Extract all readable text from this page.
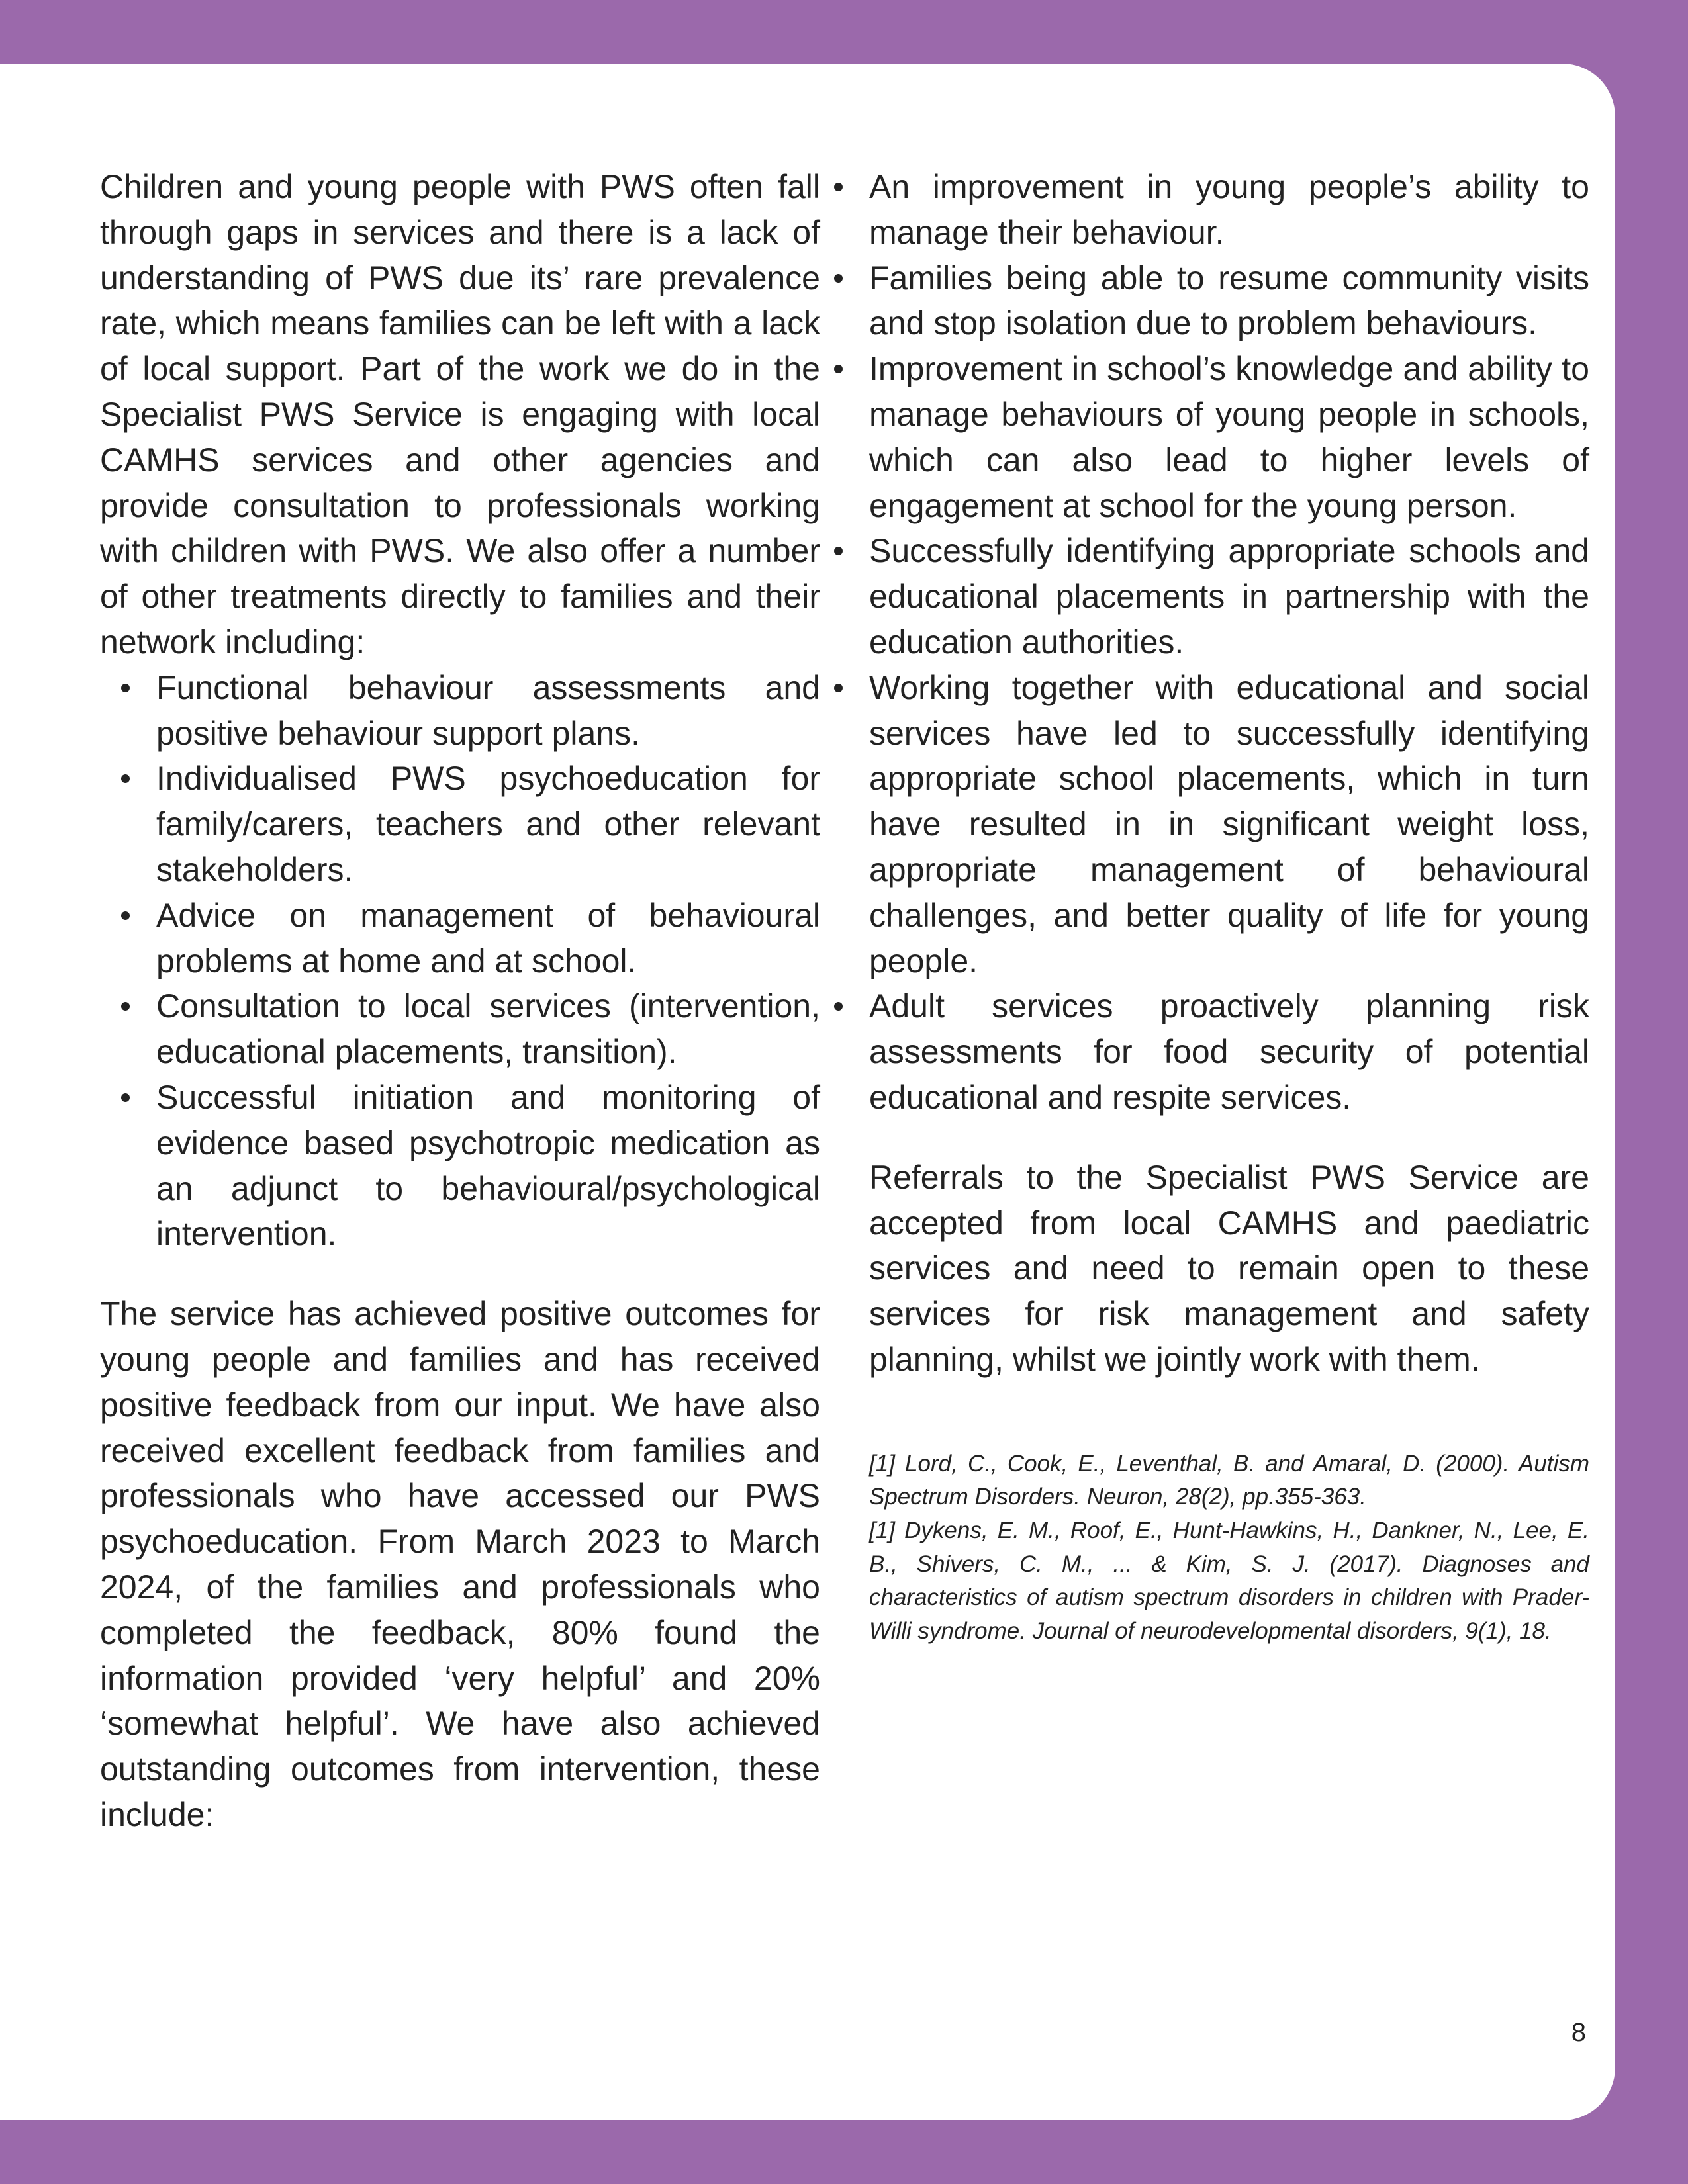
Children and young people with PWS often fall through gaps in services and there is a lack of understanding of PWS due its’ rare prevalence rate, which means families can be left with a lack of local support. Part of the work we do in the Specialist PWS Service is engaging with local CAMHS services and other agencies and provide consultation to professionals working with children with PWS. We also offer a number of other treatments directly to families and their network including:

Functional behaviour assessments and positive behaviour support plans.
Individualised PWS psychoeducation for family/carers, teachers and other relevant stakeholders.
Advice on management of behavioural problems at home and at school.
Consultation to local services (intervention, educational placements, transition).
Successful initiation and monitoring of evidence based psychotropic medication as an adjunct to behavioural/psychological intervention.

The service has achieved positive outcomes for young people and families and has received positive feedback from our input. We have also received excellent feedback from families and professionals who have accessed our PWS psychoeducation. From March 2023 to March 2024, of the families and professionals who completed the feedback, 80% found the information provided ‘very helpful’ and 20% ‘somewhat helpful’. We have also achieved outstanding outcomes from intervention, these include:

An improvement in young people’s ability to manage their behaviour.
Families being able to resume community visits and stop isolation due to problem behaviours.
Improvement in school’s knowledge and ability to manage behaviours of young people in schools, which can also lead to higher levels of engagement at school for the young person.
Successfully identifying appropriate schools and educational placements in partnership with the education authorities.
Working together with educational and social services have led to successfully identifying appropriate school placements, which in turn have resulted in in significant weight loss, appropriate management of behavioural challenges, and better quality of life for young people.
Adult services proactively planning risk assessments for food security of potential educational and respite services.

Referrals to the Specialist PWS Service are accepted from local CAMHS and paediatric services and need to remain open to these services for risk management and safety planning, whilst we jointly work with them.

[1] Lord, C., Cook, E., Leventhal, B. and Amaral, D. (2000). Autism Spectrum Disorders. Neuron, 28(2), pp.355-363.

[1] Dykens, E. M., Roof, E., Hunt-Hawkins, H., Dankner, N., Lee, E. B., Shivers, C. M., ... & Kim, S. J. (2017). Diagnoses and characteristics of autism spectrum disorders in children with Prader-Willi syndrome. Journal of neurodevelopmental disorders, 9(1), 18.

8
